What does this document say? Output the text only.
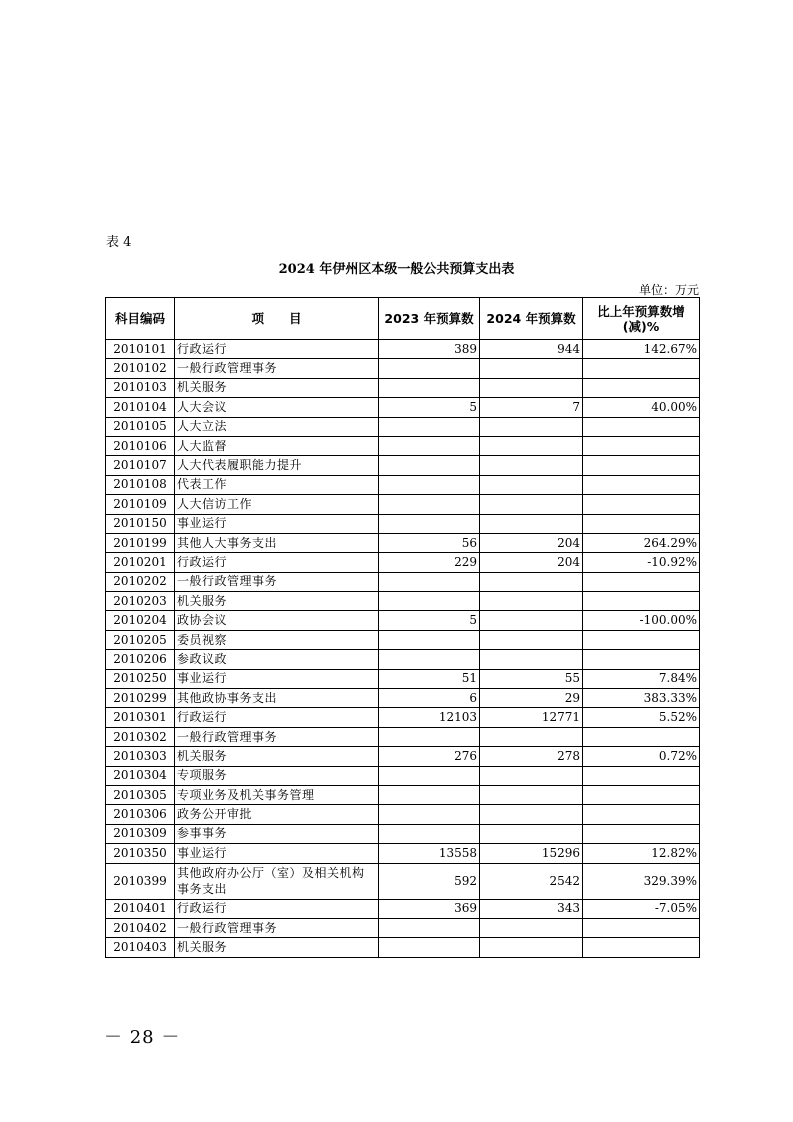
表 4
2024 年伊州区本级一般公共预算支出表
单位：万元
科目编码	项　　目	2023 年预算数	2024 年预算数	比上年预算数增(减)%
2010101	行政运行	389	944	142.67%
2010102	一般行政管理事务			
2010103	机关服务			
2010104	人大会议	5	7	40.00%
2010105	人大立法			
2010106	人大监督			
2010107	人大代表履职能力提升			
2010108	代表工作			
2010109	人大信访工作			
2010150	事业运行			
2010199	其他人大事务支出	56	204	264.29%
2010201	行政运行	229	204	-10.92%
2010202	一般行政管理事务			
2010203	机关服务			
2010204	政协会议	5		-100.00%
2010205	委员视察			
2010206	参政议政			
2010250	事业运行	51	55	7.84%
2010299	其他政协事务支出	6	29	383.33%
2010301	行政运行	12103	12771	5.52%
2010302	一般行政管理事务			
2010303	机关服务	276	278	0.72%
2010304	专项服务			
2010305	专项业务及机关事务管理			
2010306	政务公开审批			
2010309	参事事务			
2010350	事业运行	13558	15296	12.82%
2010399	其他政府办公厅（室）及相关机构事务支出	592	2542	329.39%
2010401	行政运行	369	343	-7.05%
2010402	一般行政管理事务			
2010403	机关服务			
－ 28 －
